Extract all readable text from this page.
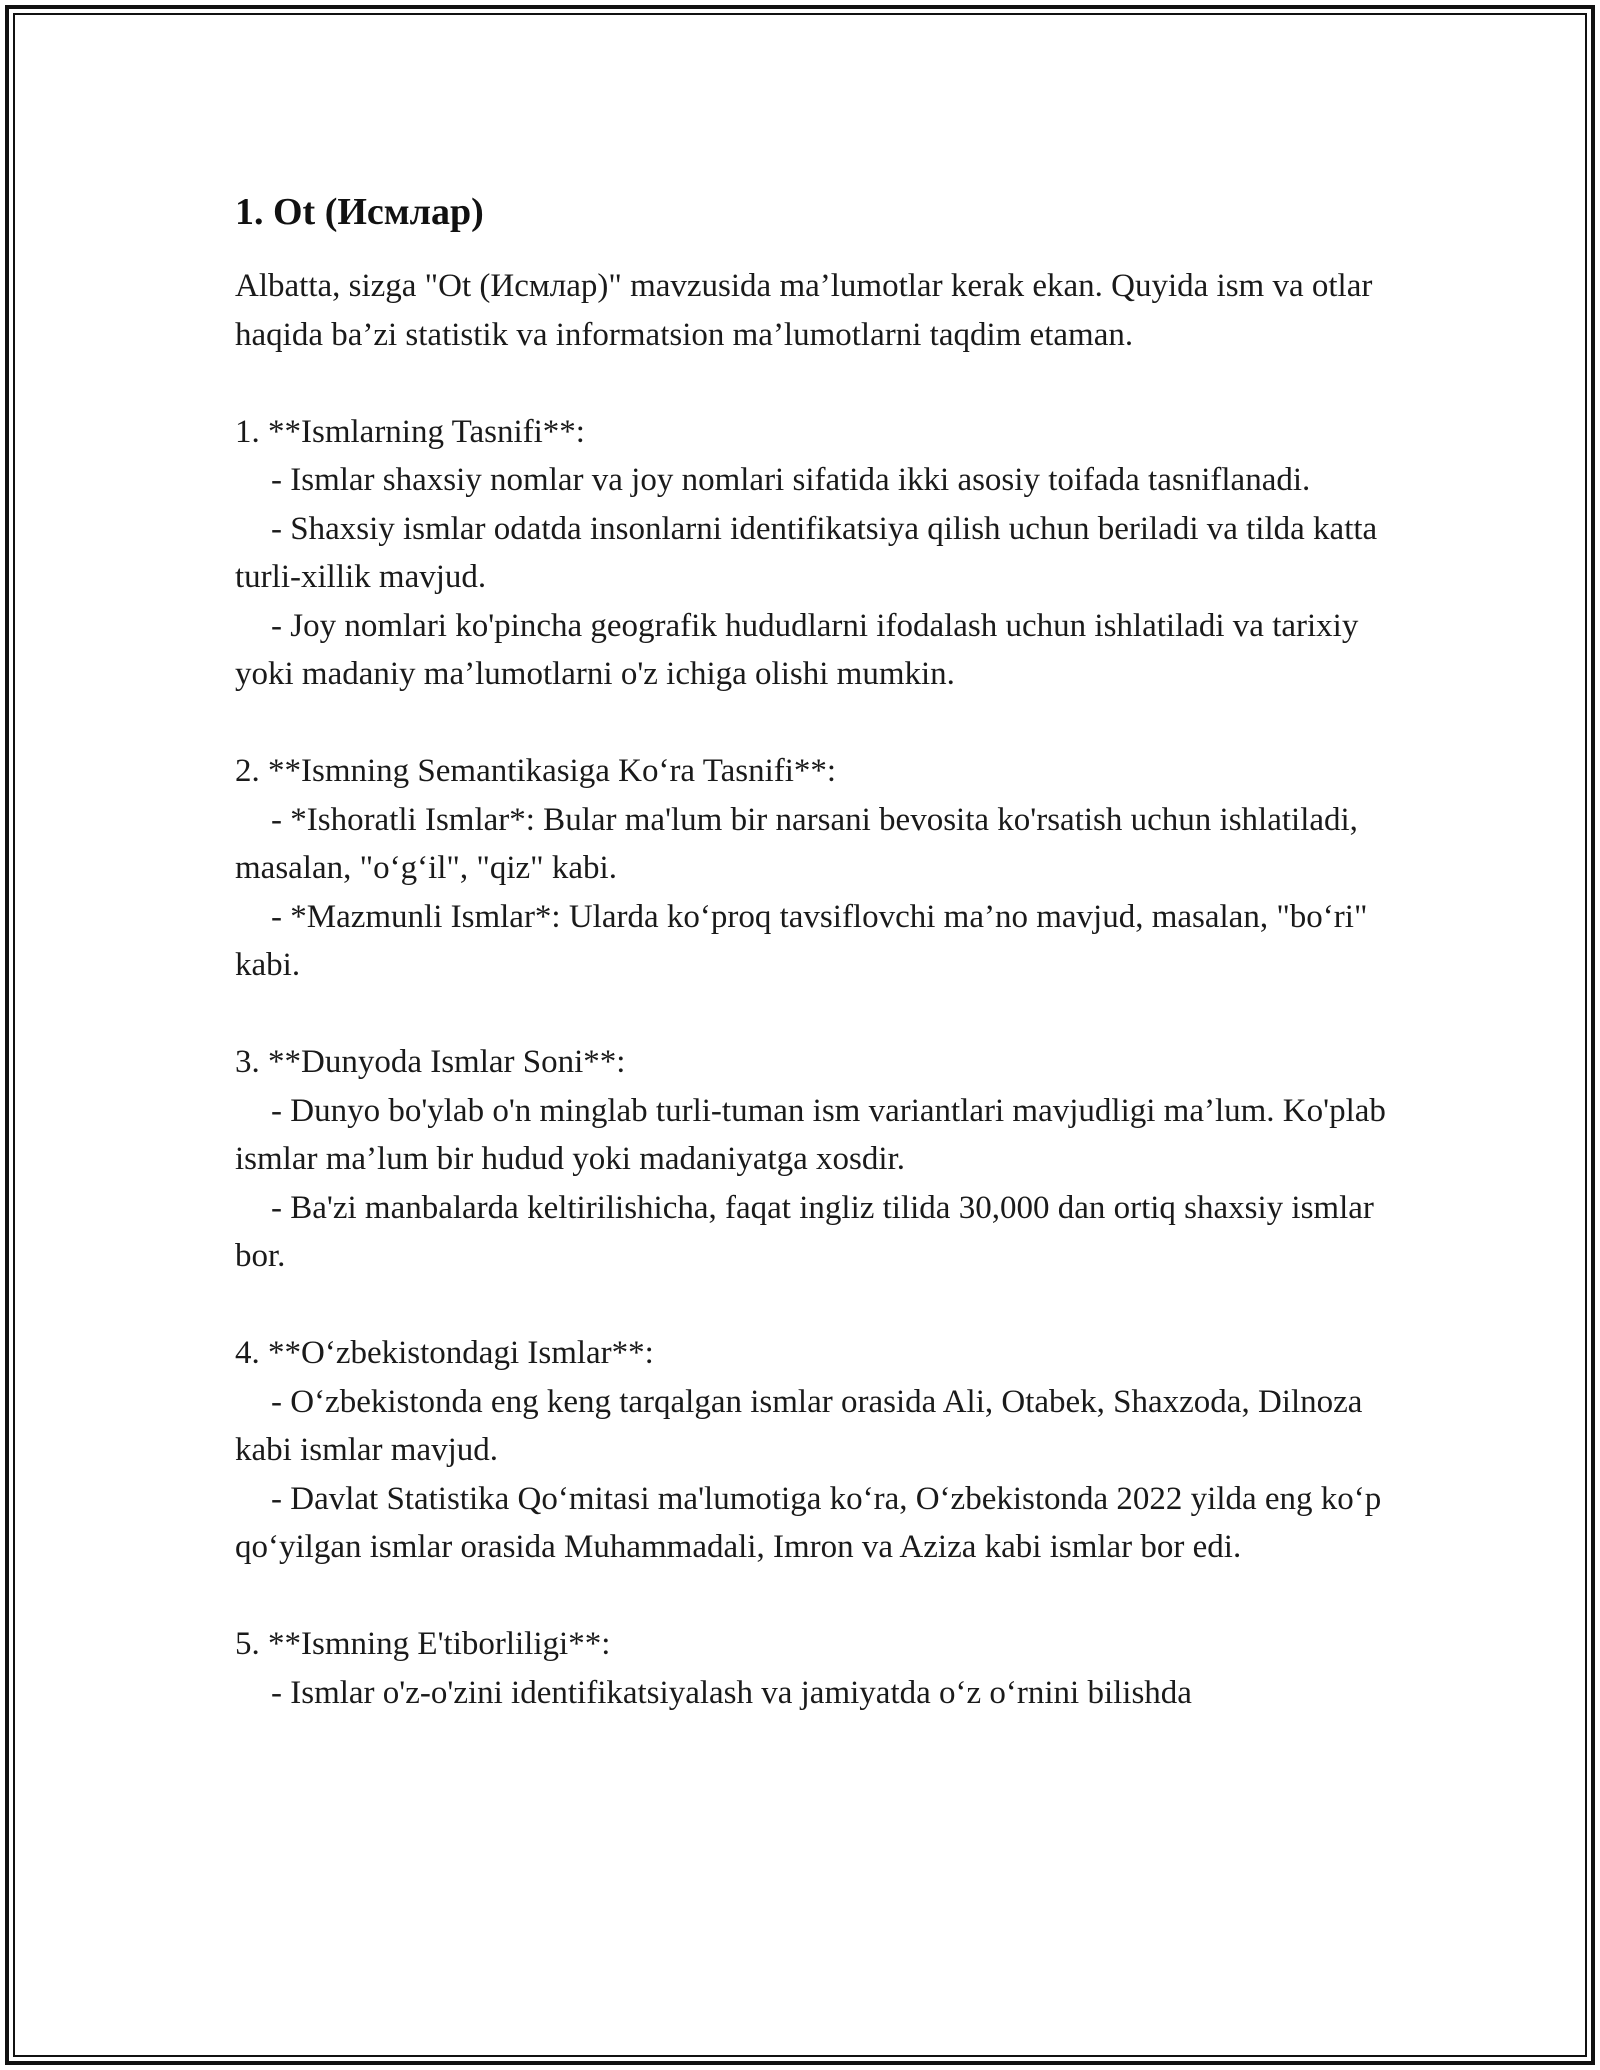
1. Ot (Исмлар)

Albatta, sizga "Ot (Исмлар)" mavzusida ma’lumotlar kerak ekan. Quyida ism va otlar haqida ba’zi statistik va informatsion ma’lumotlarni taqdim etaman.

1. **Ismlarning Tasnifi**:

- Ismlar shaxsiy nomlar va joy nomlari sifatida ikki asosiy toifada tasniflanadi.

- Shaxsiy ismlar odatda insonlarni identifikatsiya qilish uchun beriladi va tilda katta turli-xillik mavjud.

- Joy nomlari ko'pincha geografik hududlarni ifodalash uchun ishlatiladi va tarixiy yoki madaniy ma’lumotlarni o'z ichiga olishi mumkin.

2. **Ismning Semantikasiga Koʻra Tasnifi**:

- *Ishoratli Ismlar*: Bular ma'lum bir narsani bevosita ko'rsatish uchun ishlatiladi, masalan, "oʻgʻil", "qiz" kabi.

- *Mazmunli Ismlar*: Ularda koʻproq tavsiflovchi ma’no mavjud, masalan, "boʻri" kabi.

3. **Dunyoda Ismlar Soni**:

- Dunyo bo'ylab o'n minglab turli-tuman ism variantlari mavjudligi ma’lum. Ko'plab ismlar ma’lum bir hudud yoki madaniyatga xosdir.

- Ba'zi manbalarda keltirilishicha, faqat ingliz tilida 30,000 dan ortiq shaxsiy ismlar bor.

4. **Oʻzbekistondagi Ismlar**:

- Oʻzbekistonda eng keng tarqalgan ismlar orasida Ali, Otabek, Shaxzoda, Dilnoza kabi ismlar mavjud.

- Davlat Statistika Qoʻmitasi ma'lumotiga koʻra, Oʻzbekistonda 2022 yilda eng koʻp qoʻyilgan ismlar orasida Muhammadali, Imron va Aziza kabi ismlar bor edi.

5. **Ismning E'tiborliligi**:

- Ismlar o'z-o'zini identifikatsiyalash va jamiyatda oʻz oʻrnini bilishda
